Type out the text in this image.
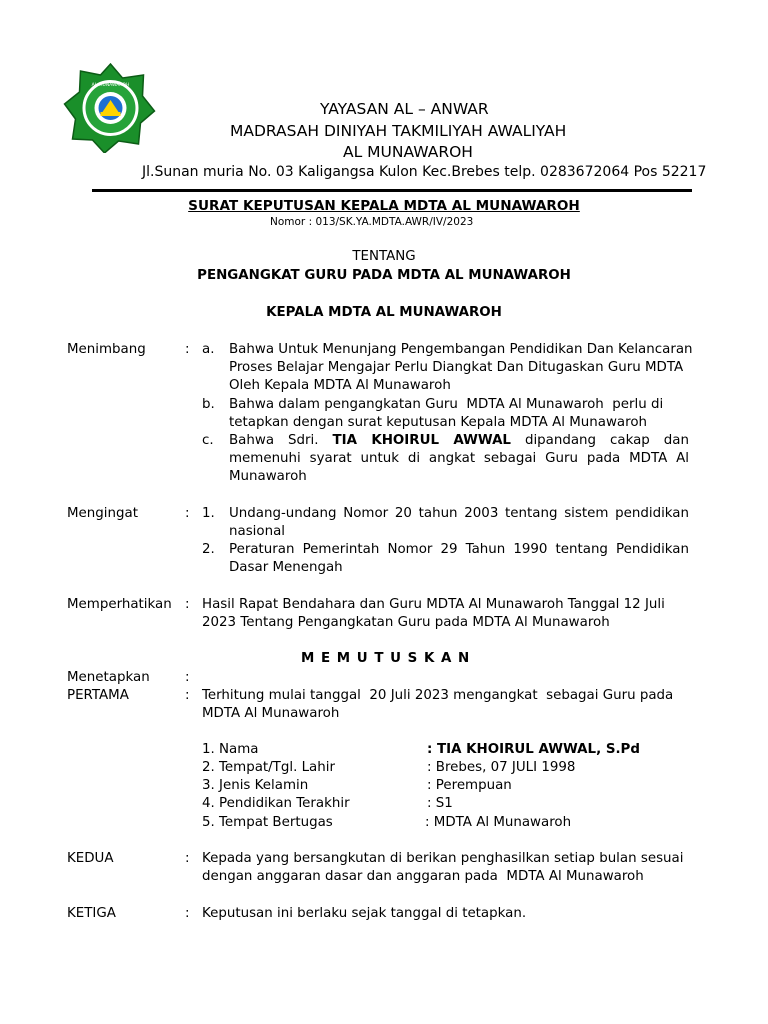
AL MUNAWAROH
YAYASAN AL – ANWAR
MADRASAH DINIYAH TAKMILIYAH AWALIYAH
AL MUNAWAROH
Jl.Sunan muria No. 03 Kaligangsa Kulon Kec.Brebes telp. 0283672064 Pos 52217
SURAT KEPUTUSAN KEPALA MDTA AL MUNAWAROH
Nomor : 013/SK.YA.MDTA.AWR/IV/2023
TENTANG
PENGANGKAT GURU PADA MDTA AL MUNAWAROH
KEPALA MDTA AL MUNAWAROH
Menimbang	: a. Bahwa Untuk Menunjang Pengembangan Pendidikan Dan Kelancaran
Proses Belajar Mengajar Perlu Diangkat Dan Ditugaskan Guru MDTA
Oleh Kepala MDTA Al Munawaroh
b. Bahwa dalam pengangkatan Guru  MDTA Al Munawaroh  perlu di
tetapkan dengan surat keputusan Kepala MDTA Al Munawaroh
c. Bahwa Sdri. TIA KHOIRUL AWWAL dipandang cakap dan
memenuhi syarat untuk di angkat sebagai Guru pada MDTA Al
Munawaroh
Mengingat	: 1. Undang-undang Nomor 20 tahun 2003 tentang sistem pendidikan
nasional
2. Peraturan Pemerintah Nomor 29 Tahun 1990 tentang Pendidikan
Dasar Menengah
Memperhatikan : Hasil Rapat Bendahara dan Guru MDTA Al Munawaroh Tanggal 12 Juli
2023 Tentang Pengangkatan Guru pada MDTA Al Munawaroh
M E M U T U S K A N
Menetapkan	:
PERTAMA	: Terhitung mulai tanggal  20 Juli 2023 mengangkat  sebagai Guru pada
MDTA Al Munawaroh
1. Nama	: TIA KHOIRUL AWWAL, S.Pd
2. Tempat/Tgl. Lahir	: Brebes, 07 JULI 1998
3. Jenis Kelamin	: Perempuan
4. Pendidikan Terakhir	: S1
5. Tempat Bertugas	: MDTA Al Munawaroh
KEDUA	: Kepada yang bersangkutan di berikan penghasilkan setiap bulan sesuai
dengan anggaran dasar dan anggaran pada  MDTA Al Munawaroh
KETIGA	: Keputusan ini berlaku sejak tanggal di tetapkan.
